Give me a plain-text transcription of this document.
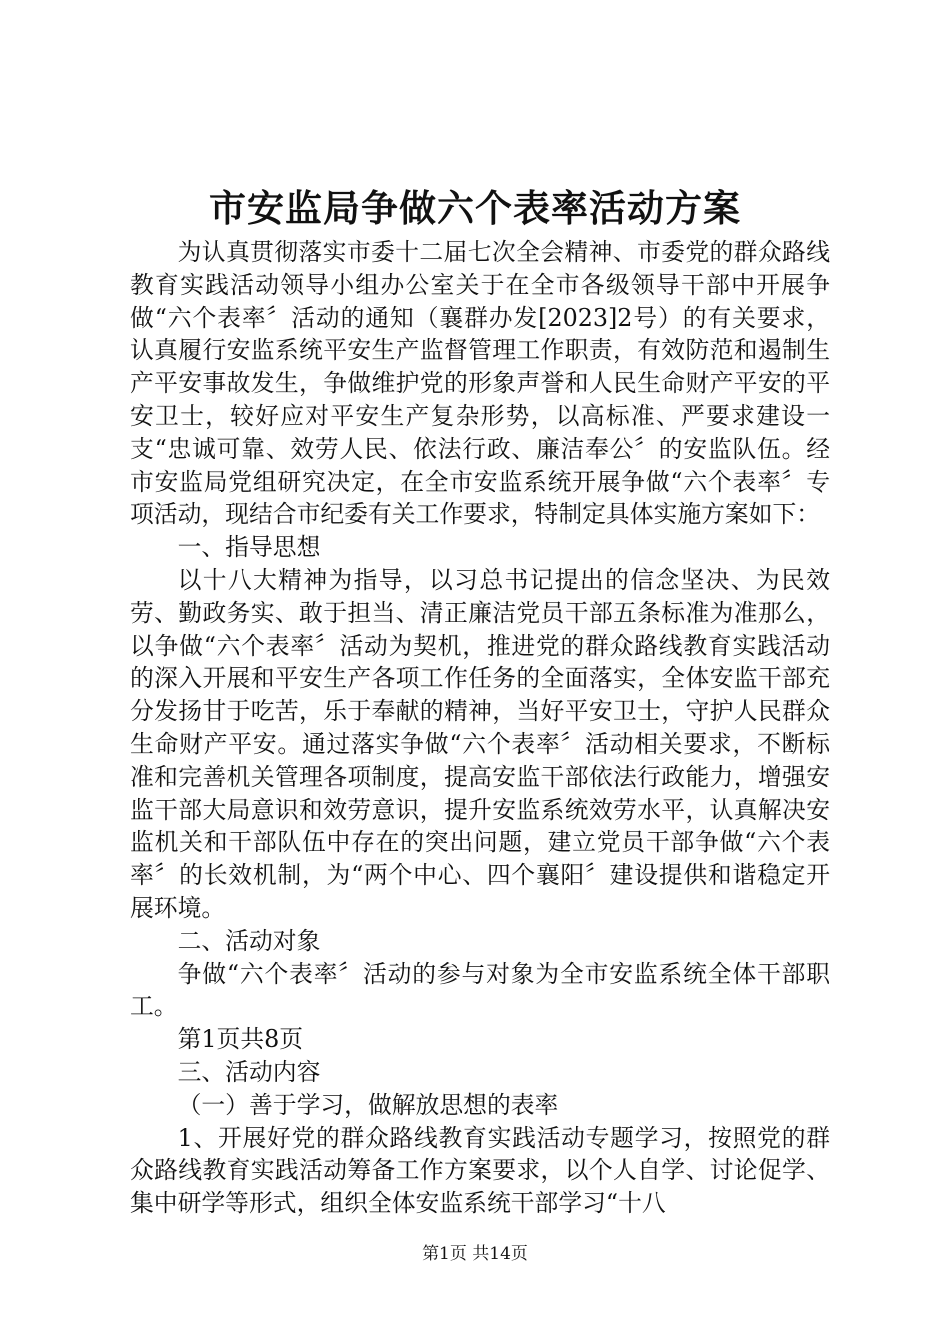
市安监局争做六个表率活动方案

为认真贯彻落实市委十二届七次全会精神、市委党的群众路线教育实践活动领导小组办公室关于在全市各级领导干部中开展争做“六个表率〞活动的通知（襄群办发[2023]2号）的有关要求，认真履行安监系统平安生产监督管理工作职责，有效防范和遏制生产平安事故发生，争做维护党的形象声誉和人民生命财产平安的平安卫士，较好应对平安生产复杂形势，以高标准、严要求建设一支“忠诚可靠、效劳人民、依法行政、廉洁奉公〞的安监队伍。经市安监局党组研究决定，在全市安监系统开展争做“六个表率〞专项活动，现结合市纪委有关工作要求，特制定具体实施方案如下：

一、指导思想

以十八大精神为指导，以习总书记提出的信念坚决、为民效劳、勤政务实、敢于担当、清正廉洁党员干部五条标准为准那么，以争做“六个表率〞活动为契机，推进党的群众路线教育实践活动的深入开展和平安生产各项工作任务的全面落实，全体安监干部充分发扬甘于吃苦，乐于奉献的精神，当好平安卫士，守护人民群众生命财产平安。通过落实争做“六个表率〞活动相关要求，不断标准和完善机关管理各项制度，提高安监干部依法行政能力，增强安监干部大局意识和效劳意识，提升安监系统效劳水平，认真解决安监机关和干部队伍中存在的突出问题，建立党员干部争做“六个表率〞的长效机制，为“两个中心、四个襄阳〞建设提供和谐稳定开展环境。

二、活动对象

争做“六个表率〞活动的参与对象为全市安监系统全体干部职工。

第1页共8页

三、活动内容

（一）善于学习，做解放思想的表率

1、开展好党的群众路线教育实践活动专题学习，按照党的群众路线教育实践活动筹备工作方案要求，以个人自学、讨论促学、集中研学等形式，组织全体安监系统干部学习“十八

第1页 共14页
